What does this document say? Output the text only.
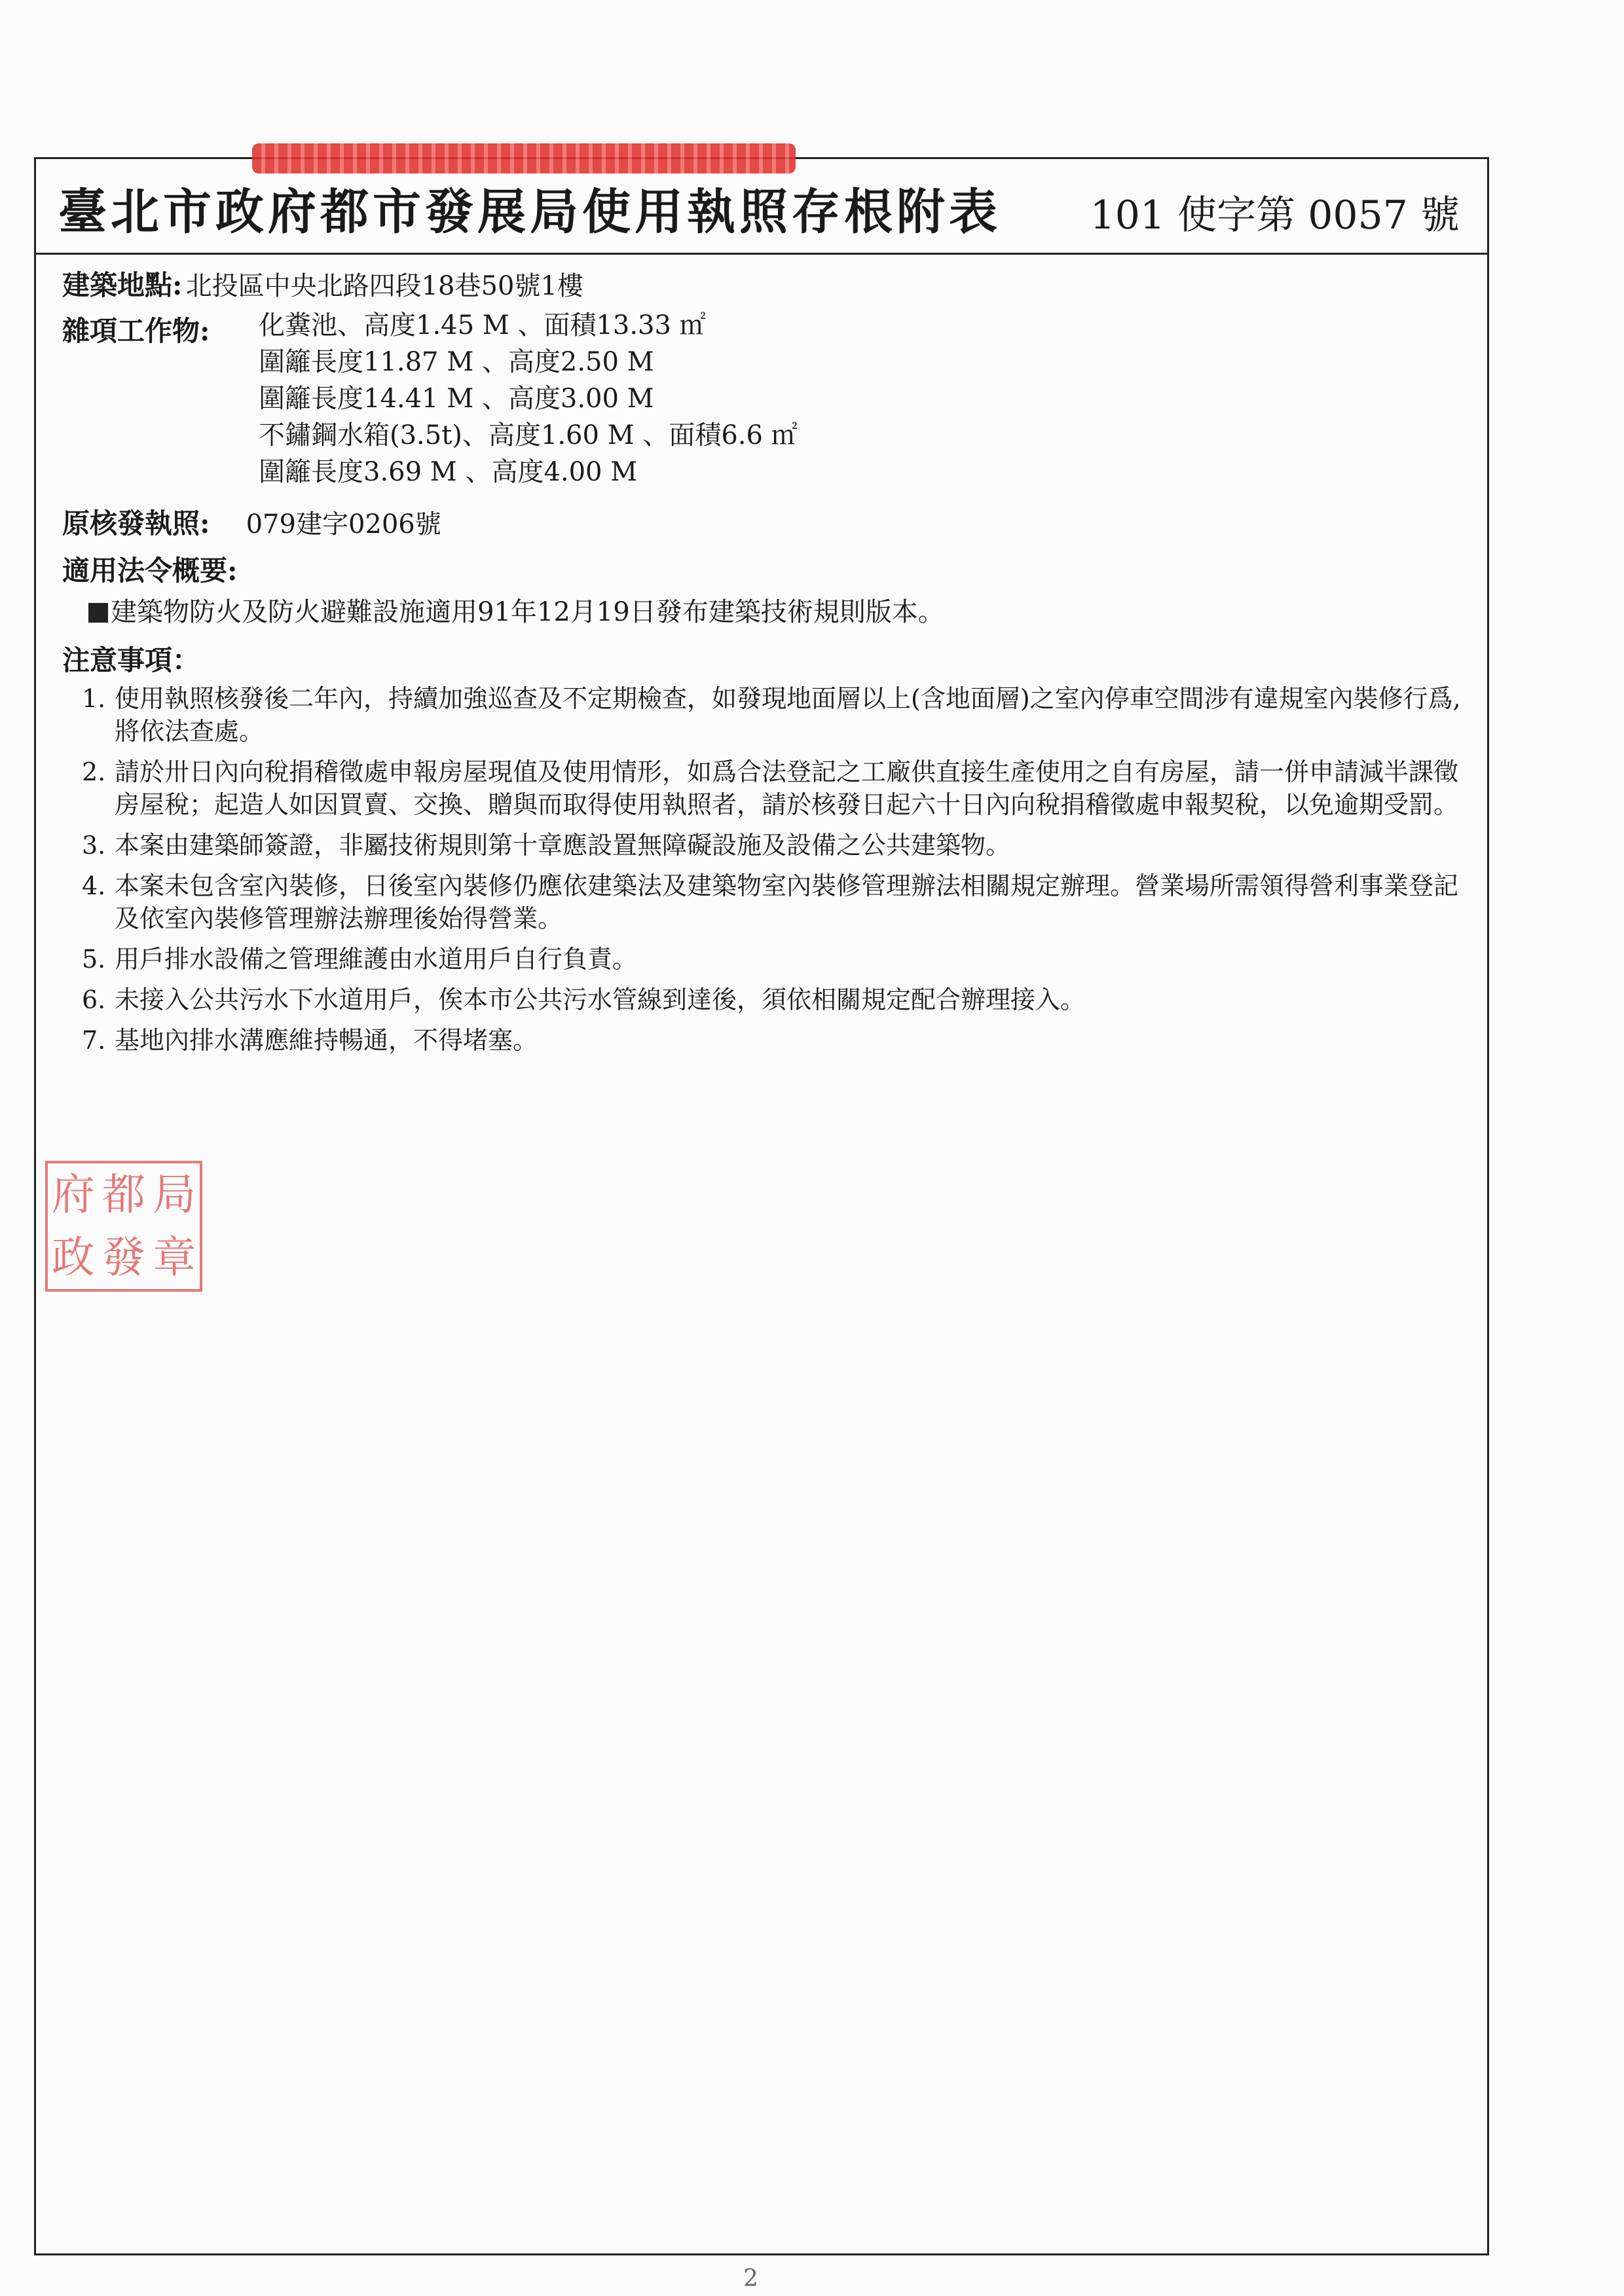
臺北市政府都市發展局使用執照存根附表 101 使字第 0057 號
建築地點: 北投區中央北路四段18巷50號1樓
雜項工作物: 化糞池、高度1.45 M 、面積13.33 ㎡
圍籬長度11.87 M 、高度2.50 M
圍籬長度14.41 M 、高度3.00 M
不鏽鋼水箱(3.5t)、高度1.60 M 、面積6.6 ㎡
圍籬長度3.69 M 、高度4.00 M
原核發執照: 079建字0206號
適用法令概要:
建築物防火及防火避難設施適用91年12月19日發布建築技術規則版本。
注意事項：
1. 使用執照核發後二年內，持續加強巡查及不定期檢查，如發現地面層以上(含地面層)之室內停車空間涉有違規室內裝修行爲,將依法查處。
2. 請於卅日內向稅捐稽徵處申報房屋現值及使用情形，如爲合法登記之工廠供直接生產使用之自有房屋，請一併申請減半課徵房屋稅；起造人如因買賣、交換、贈與而取得使用執照者，請於核發日起六十日內向稅捐稽徵處申報契稅，以免逾期受罰。
3. 本案由建築師簽證，非屬技術規則第十章應設置無障礙設施及設備之公共建築物。
4. 本案未包含室內裝修，日後室內裝修仍應依建築法及建築物室內裝修管理辦法相關規定辦理。營業場所需領得營利事業登記及依室內裝修管理辦法辦理後始得營業。
5. 用戶排水設備之管理維護由水道用戶自行負責。
6. 未接入公共污水下水道用戶，俟本市公共污水管線到達後，須依相關規定配合辦理接入。
7. 基地內排水溝應維持暢通，不得堵塞。
府 都 局
政 發 章
2
